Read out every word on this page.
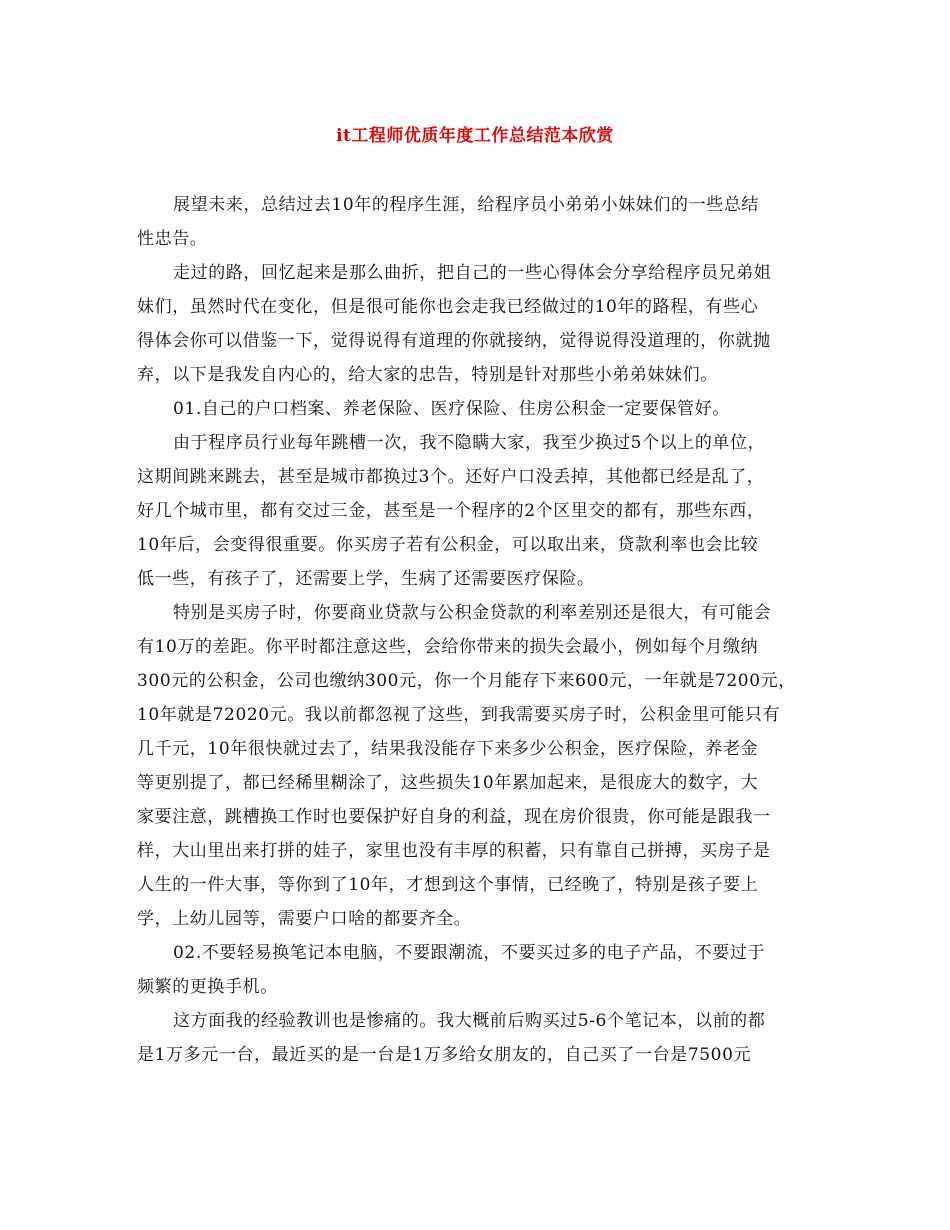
it工程师优质年度工作总结范本欣赏

展望未来，总结过去10年的程序生涯，给程序员小弟弟小妹妹们的一些总结
性忠告。

走过的路，回忆起来是那么曲折，把自己的一些心得体会分享给程序员兄弟姐
妹们，虽然时代在变化，但是很可能你也会走我已经做过的10年的路程，有些心
得体会你可以借鉴一下，觉得说得有道理的你就接纳，觉得说得没道理的，你就抛
弃，以下是我发自内心的，给大家的忠告，特别是针对那些小弟弟妹妹们。

01.自己的户口档案、养老保险、医疗保险、住房公积金一定要保管好。

由于程序员行业每年跳槽一次，我不隐瞒大家，我至少换过5个以上的单位，
这期间跳来跳去，甚至是城市都换过3个。还好户口没丢掉，其他都已经是乱了，
好几个城市里，都有交过三金，甚至是一个程序的2个区里交的都有，那些东西，
10年后，会变得很重要。你买房子若有公积金，可以取出来，贷款利率也会比较
低一些，有孩子了，还需要上学，生病了还需要医疗保险。

特别是买房子时，你要商业贷款与公积金贷款的利率差别还是很大，有可能会
有10万的差距。你平时都注意这些，会给你带来的损失会最小，例如每个月缴纳
300元的公积金，公司也缴纳300元，你一个月能存下来600元，一年就是7200元，
10年就是72020元。我以前都忽视了这些，到我需要买房子时，公积金里可能只有
几千元，10年很快就过去了，结果我没能存下来多少公积金，医疗保险，养老金
等更别提了，都已经稀里糊涂了，这些损失10年累加起来，是很庞大的数字，大
家要注意，跳槽换工作时也要保护好自身的利益，现在房价很贵，你可能是跟我一
样，大山里出来打拼的娃子，家里也没有丰厚的积蓄，只有靠自己拼搏，买房子是
人生的一件大事，等你到了10年，才想到这个事情，已经晚了，特别是孩子要上
学，上幼儿园等，需要户口啥的都要齐全。

02.不要轻易换笔记本电脑，不要跟潮流，不要买过多的电子产品，不要过于
频繁的更换手机。

这方面我的经验教训也是惨痛的。我大概前后购买过5-6个笔记本，以前的都
是1万多元一台，最近买的是一台是1万多给女朋友的，自己买了一台是7500元
